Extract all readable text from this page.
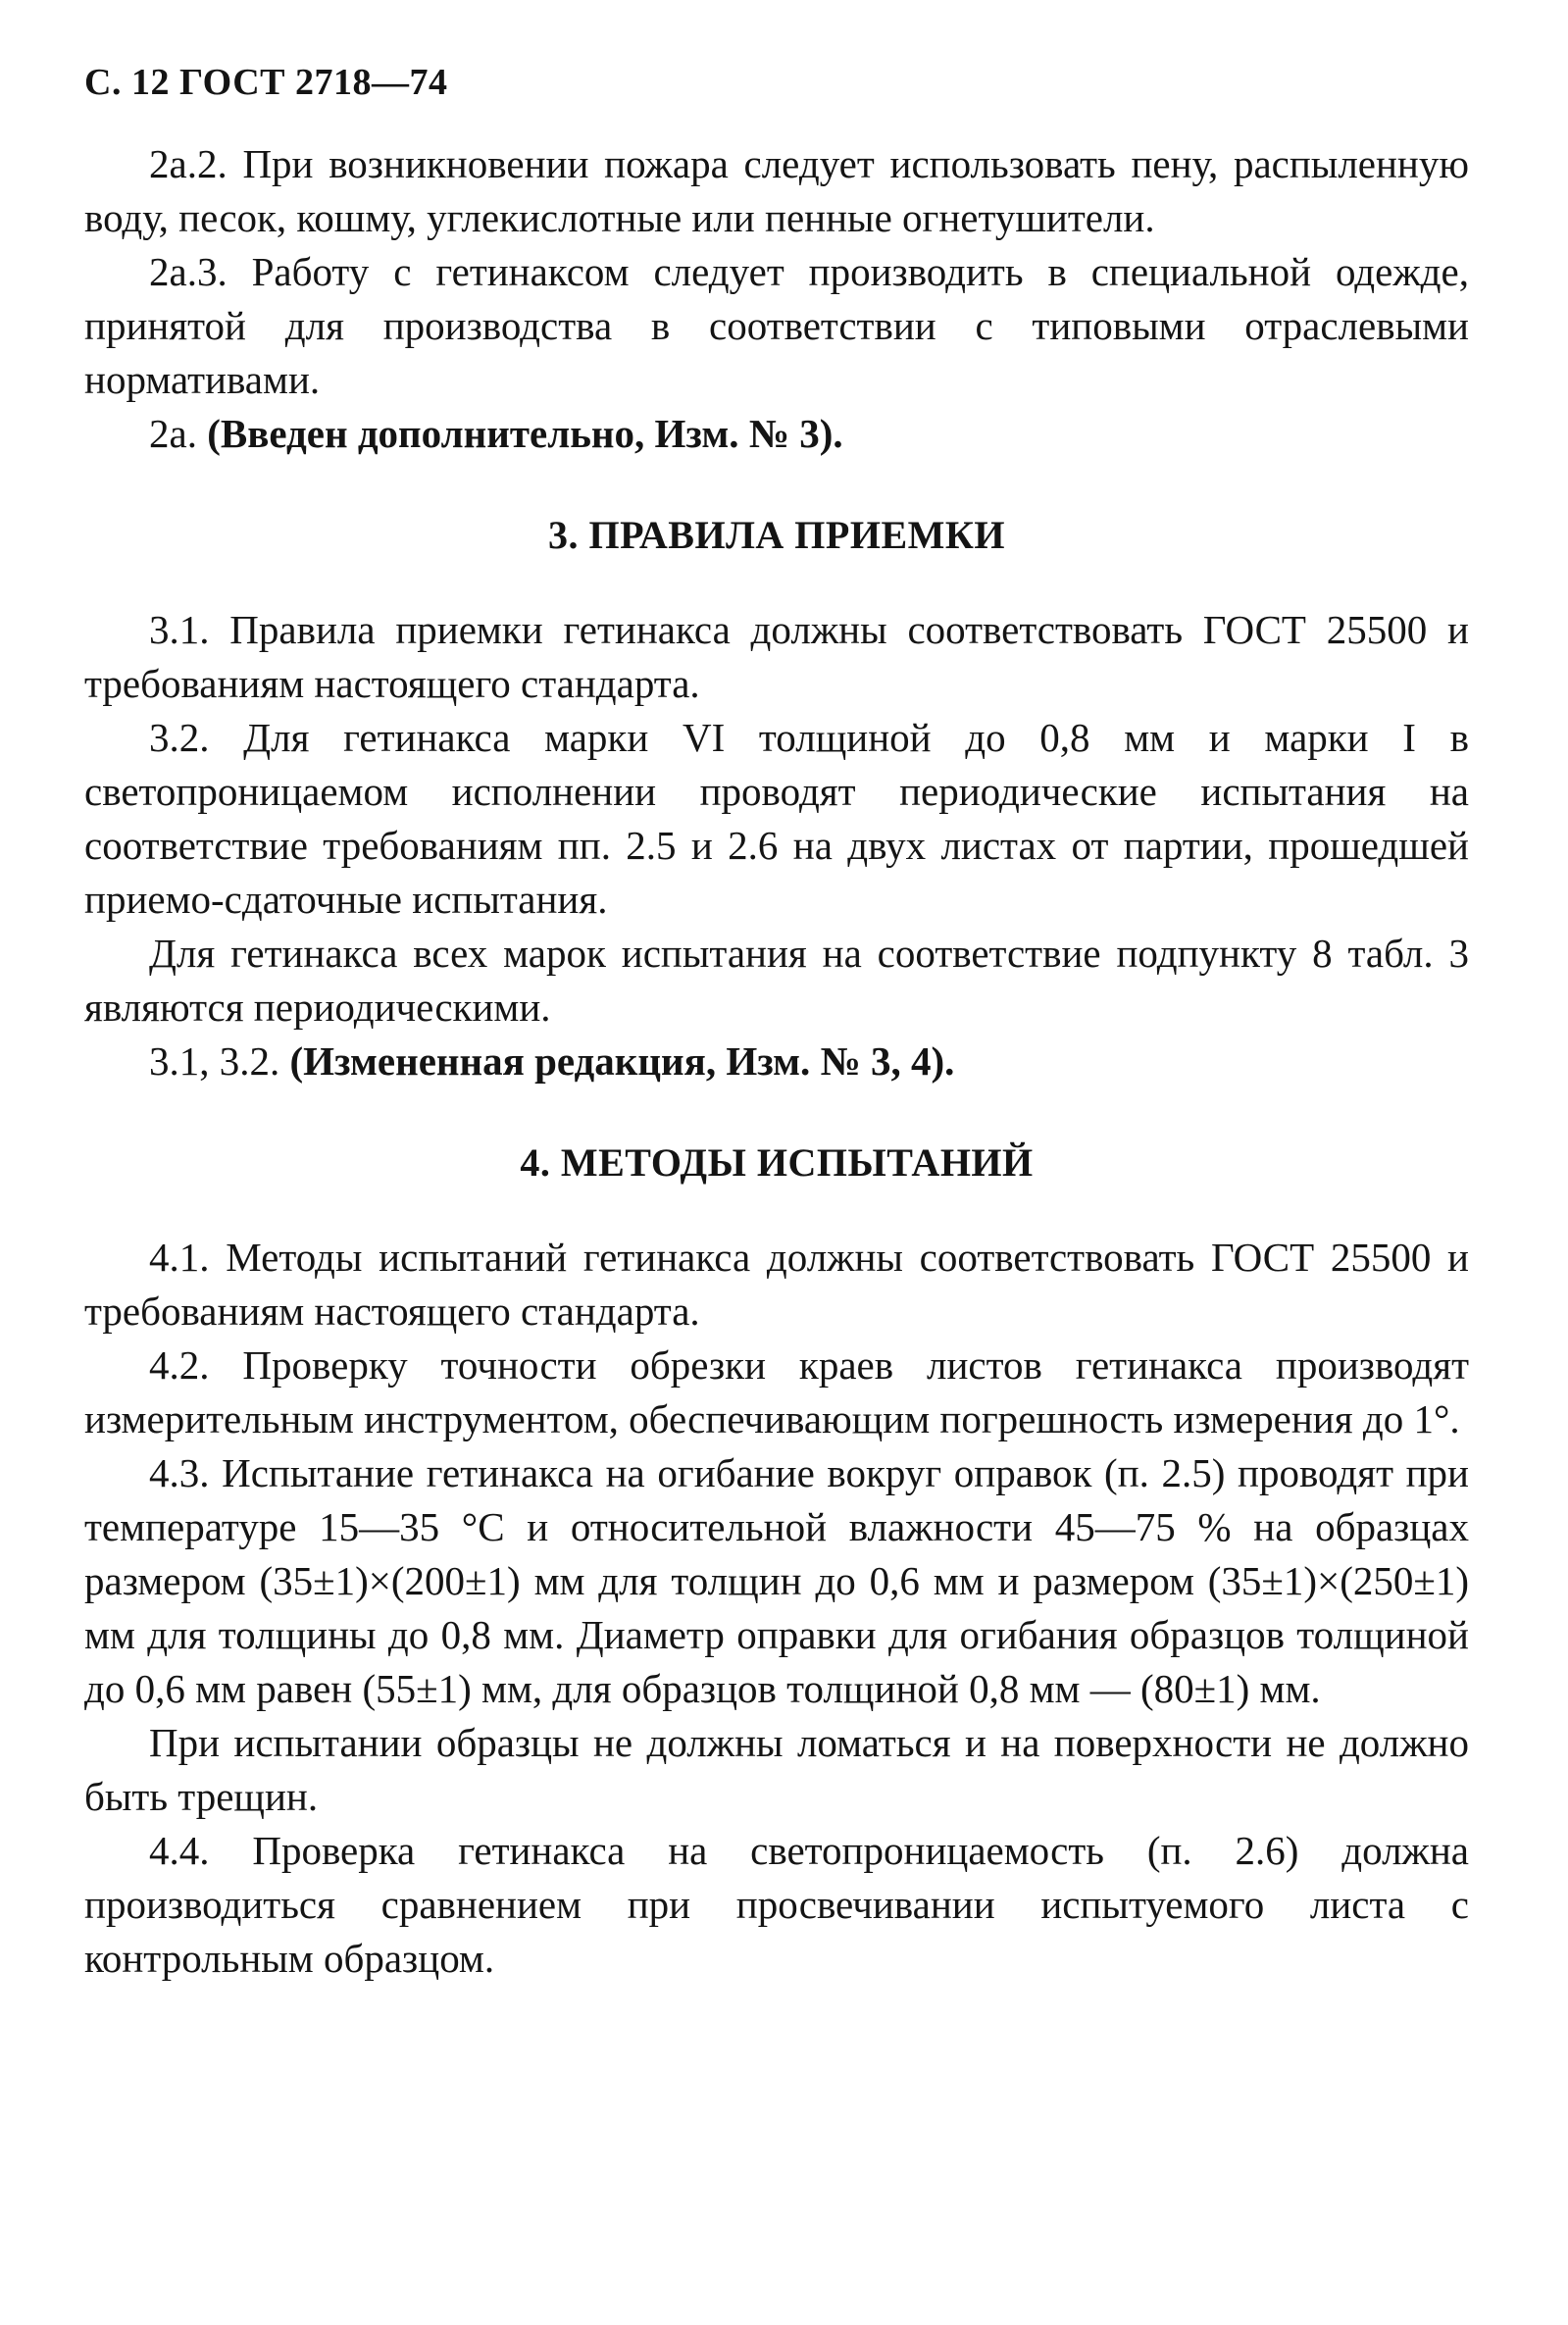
С. 12 ГОСТ 2718—74

2а.2. При возникновении пожара следует использовать пену, распыленную воду, песок, кошму, углекислотные или пенные огнетушители.

2а.3. Работу с гетинаксом следует производить в специальной одежде, принятой для производства в соответствии с типовыми отраслевыми нормативами.

2а. (Введен дополнительно, Изм. № 3).

3. ПРАВИЛА ПРИЕМКИ

3.1. Правила приемки гетинакса должны соответствовать ГОСТ 25500 и требованиям настоящего стандарта.

3.2. Для гетинакса марки VI толщиной до 0,8 мм и марки I в светопроницаемом исполнении проводят периодические испытания на соответствие требованиям пп. 2.5 и 2.6 на двух листах от партии, прошедшей приемо-сдаточные испытания.

Для гетинакса всех марок испытания на соответствие подпункту 8 табл. 3 являются периодическими.

3.1, 3.2. (Измененная редакция, Изм. № 3, 4).

4. МЕТОДЫ ИСПЫТАНИЙ

4.1. Методы испытаний гетинакса должны соответствовать ГОСТ 25500 и требованиям настоящего стандарта.

4.2. Проверку точности обрезки краев листов гетинакса производят измерительным инструментом, обеспечивающим погрешность измерения до 1°.

4.3. Испытание гетинакса на огибание вокруг оправок (п. 2.5) проводят при температуре 15—35 °С и относительной влажности 45—75 % на образцах размером (35±1)×(200±1) мм для толщин до 0,6 мм и размером (35±1)×(250±1) мм для толщины до 0,8 мм. Диаметр оправки для огибания образцов толщиной до 0,6 мм равен (55±1) мм, для образцов толщиной 0,8 мм — (80±1) мм.

При испытании образцы не должны ломаться и на поверхности не должно быть трещин.

4.4. Проверка гетинакса на светопроницаемость (п. 2.6) должна производиться сравнением при просвечивании испытуемого листа с контрольным образцом.
